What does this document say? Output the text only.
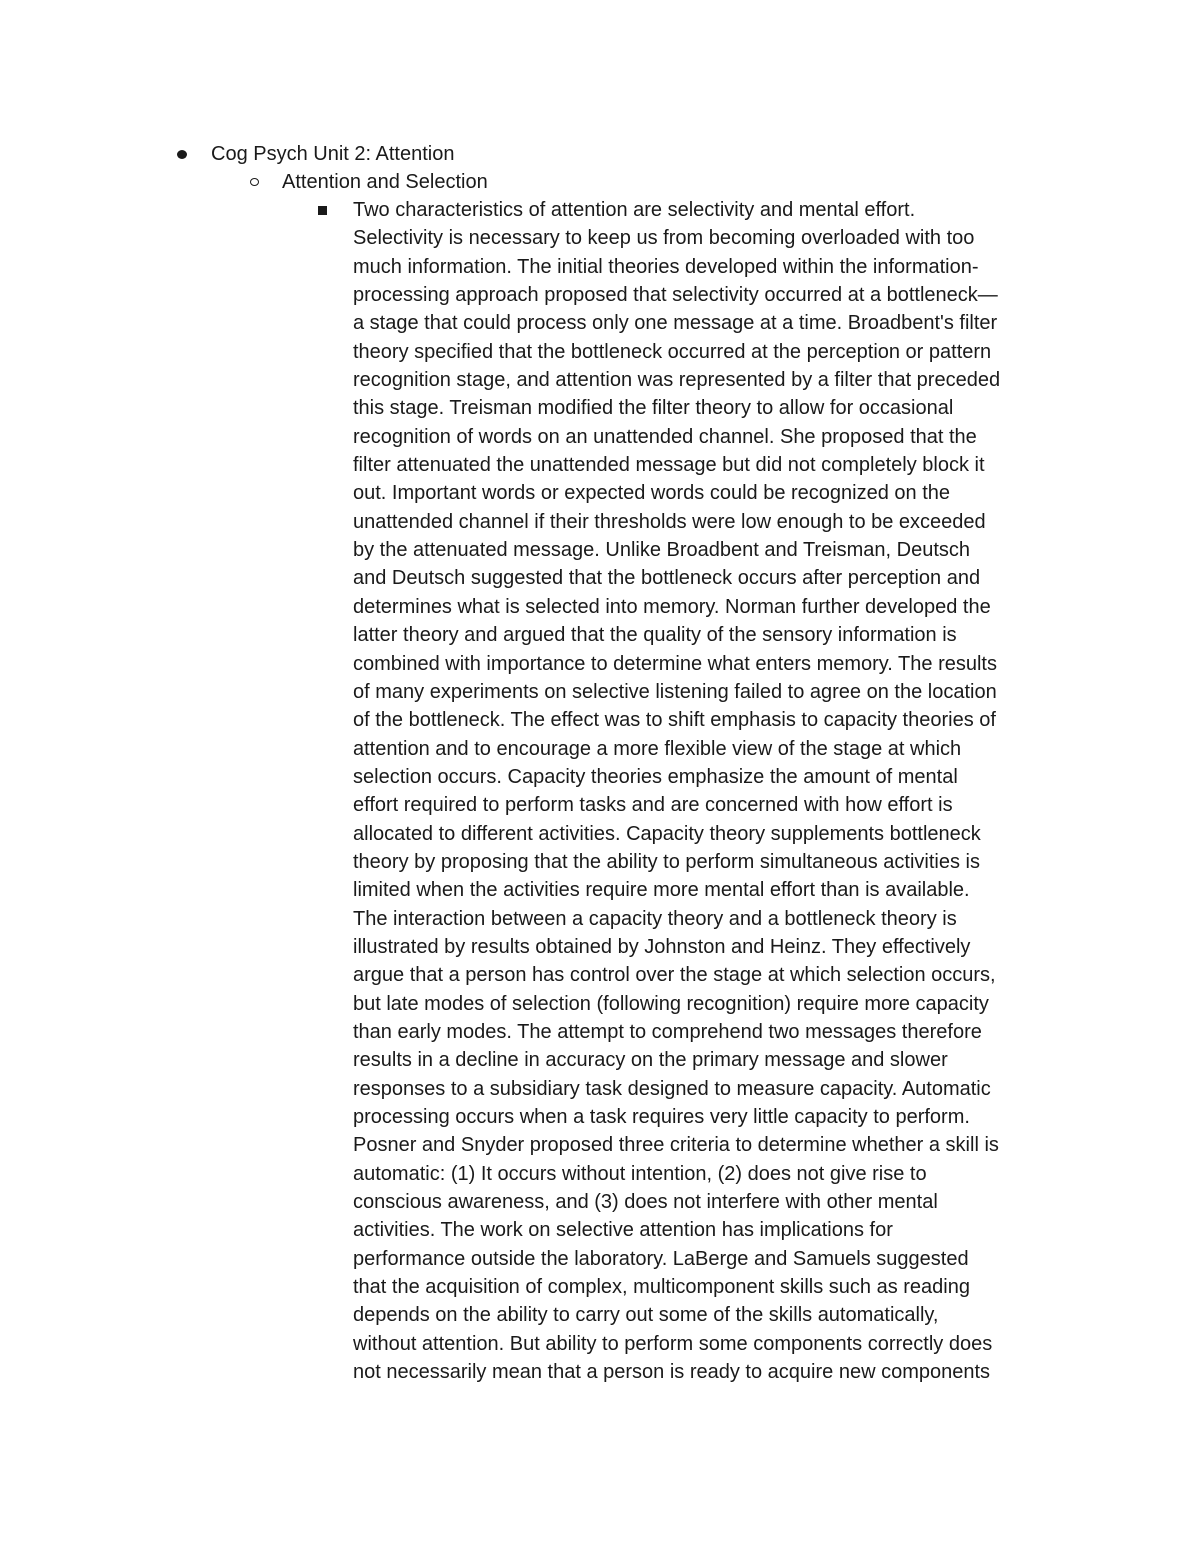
Cog Psych Unit 2: Attention
Attention and Selection

Two characteristics of attention are selectivity and mental effort.
Selectivity is necessary to keep us from becoming overloaded with too
much information. The initial theories developed within the information-
processing approach proposed that selectivity occurred at a bottleneck—
a stage that could process only one message at a time. Broadbent's filter
theory specified that the bottleneck occurred at the perception or pattern
recognition stage, and attention was represented by a filter that preceded
this stage. Treisman modified the filter theory to allow for occasional
recognition of words on an unattended channel. She proposed that the
filter attenuated the unattended message but did not completely block it
out. Important words or expected words could be recognized on the
unattended channel if their thresholds were low enough to be exceeded
by the attenuated message. Unlike Broadbent and Treisman, Deutsch
and Deutsch suggested that the bottleneck occurs after perception and
determines what is selected into memory. Norman further developed the
latter theory and argued that the quality of the sensory information is
combined with importance to determine what enters memory. The results
of many experiments on selective listening failed to agree on the location
of the bottleneck. The effect was to shift emphasis to capacity theories of
attention and to encourage a more flexible view of the stage at which
selection occurs. Capacity theories emphasize the amount of mental
effort required to perform tasks and are concerned with how effort is
allocated to different activities. Capacity theory supplements bottleneck
theory by proposing that the ability to perform simultaneous activities is
limited when the activities require more mental effort than is available.
The interaction between a capacity theory and a bottleneck theory is
illustrated by results obtained by Johnston and Heinz. They effectively
argue that a person has control over the stage at which selection occurs,
but late modes of selection (following recognition) require more capacity
than early modes. The attempt to comprehend two messages therefore
results in a decline in accuracy on the primary message and slower
responses to a subsidiary task designed to measure capacity. Automatic
processing occurs when a task requires very little capacity to perform.
Posner and Snyder proposed three criteria to determine whether a skill is
automatic: (1) It occurs without intention, (2) does not give rise to
conscious awareness, and (3) does not interfere with other mental
activities. The work on selective attention has implications for
performance outside the laboratory. LaBerge and Samuels suggested
that the acquisition of complex, multicomponent skills such as reading
depends on the ability to carry out some of the skills automatically,
without attention. But ability to perform some components correctly does
not necessarily mean that a person is ready to acquire new components
